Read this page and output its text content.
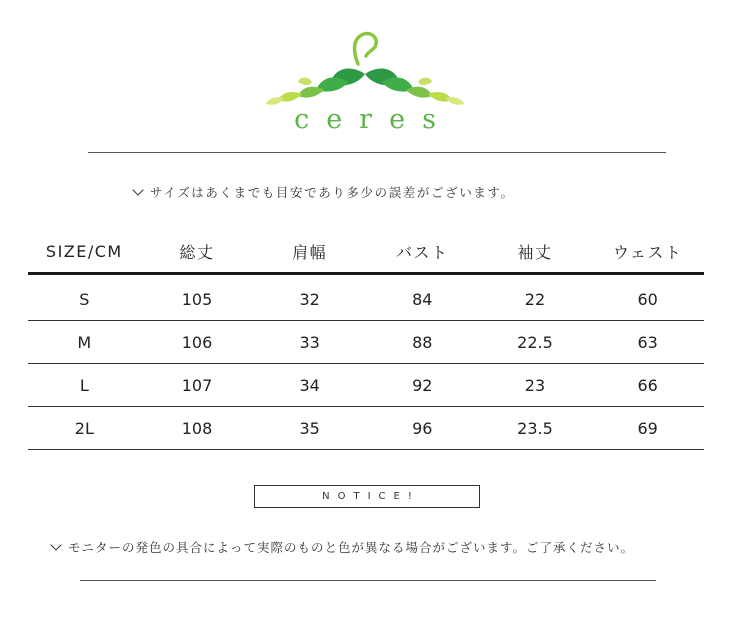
ceres
サイズはあくまでも目安であり多少の誤差がございます。
SIZE/CM	総丈	肩幅	バスト	袖丈	ウェスト
S	105	32	84	22	60
M	106	33	88	22.5	63
L	107	34	92	23	66
2L	108	35	96	23.5	69
NOTICE!
モニターの発色の具合によって実際のものと色が異なる場合がございます。ご了承ください。
